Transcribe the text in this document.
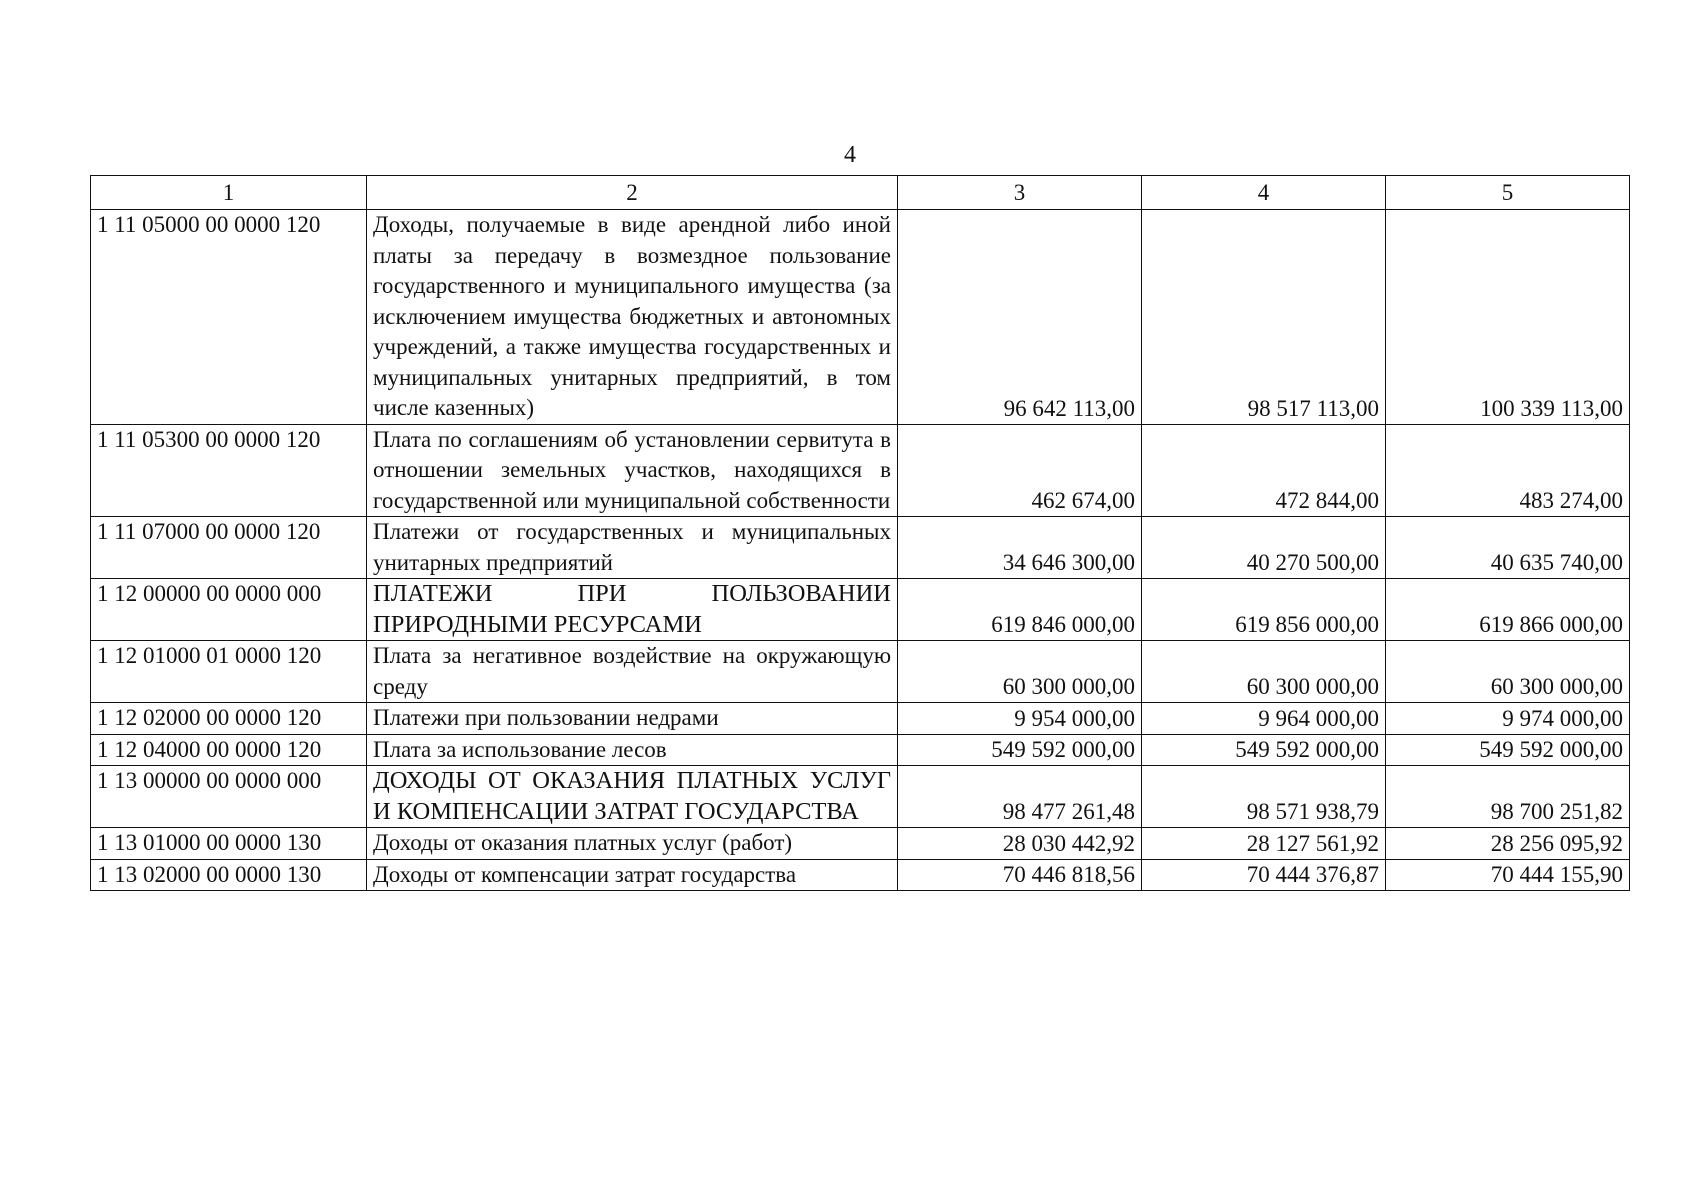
4
1	2	3	4	5
1 11 05000 00 0000 120	Доходы, получаемые в виде арендной либо иной платы за передачу в возмездное пользование государственного и муниципального имущества (за исключением имущества бюджетных и автономных учреждений, а также имущества государственных и муниципальных унитарных предприятий, в том числе казенных)	96 642 113,00	98 517 113,00	100 339 113,00
1 11 05300 00 0000 120	Плата по соглашениям об установлении сервитута в отношении земельных участков, находящихся в государственной или муниципальной собственности	462 674,00	472 844,00	483 274,00
1 11 07000 00 0000 120	Платежи от государственных и муниципальных унитарных предприятий	34 646 300,00	40 270 500,00	40 635 740,00
1 12 00000 00 0000 000	ПЛАТЕЖИ ПРИ ПОЛЬЗОВАНИИ ПРИРОДНЫМИ РЕСУРСАМИ	619 846 000,00	619 856 000,00	619 866 000,00
1 12 01000 01 0000 120	Плата за негативное воздействие на окружающую среду	60 300 000,00	60 300 000,00	60 300 000,00
1 12 02000 00 0000 120	Платежи при пользовании недрами	9 954 000,00	9 964 000,00	9 974 000,00
1 12 04000 00 0000 120	Плата за использование лесов	549 592 000,00	549 592 000,00	549 592 000,00
1 13 00000 00 0000 000	ДОХОДЫ ОТ ОКАЗАНИЯ ПЛАТНЫХ УСЛУГ И КОМПЕНСАЦИИ ЗАТРАТ ГОСУДАРСТВА	98 477 261,48	98 571 938,79	98 700 251,82
1 13 01000 00 0000 130	Доходы от оказания платных услуг (работ)	28 030 442,92	28 127 561,92	28 256 095,92
1 13 02000 00 0000 130	Доходы от компенсации затрат государства	70 446 818,56	70 444 376,87	70 444 155,90
